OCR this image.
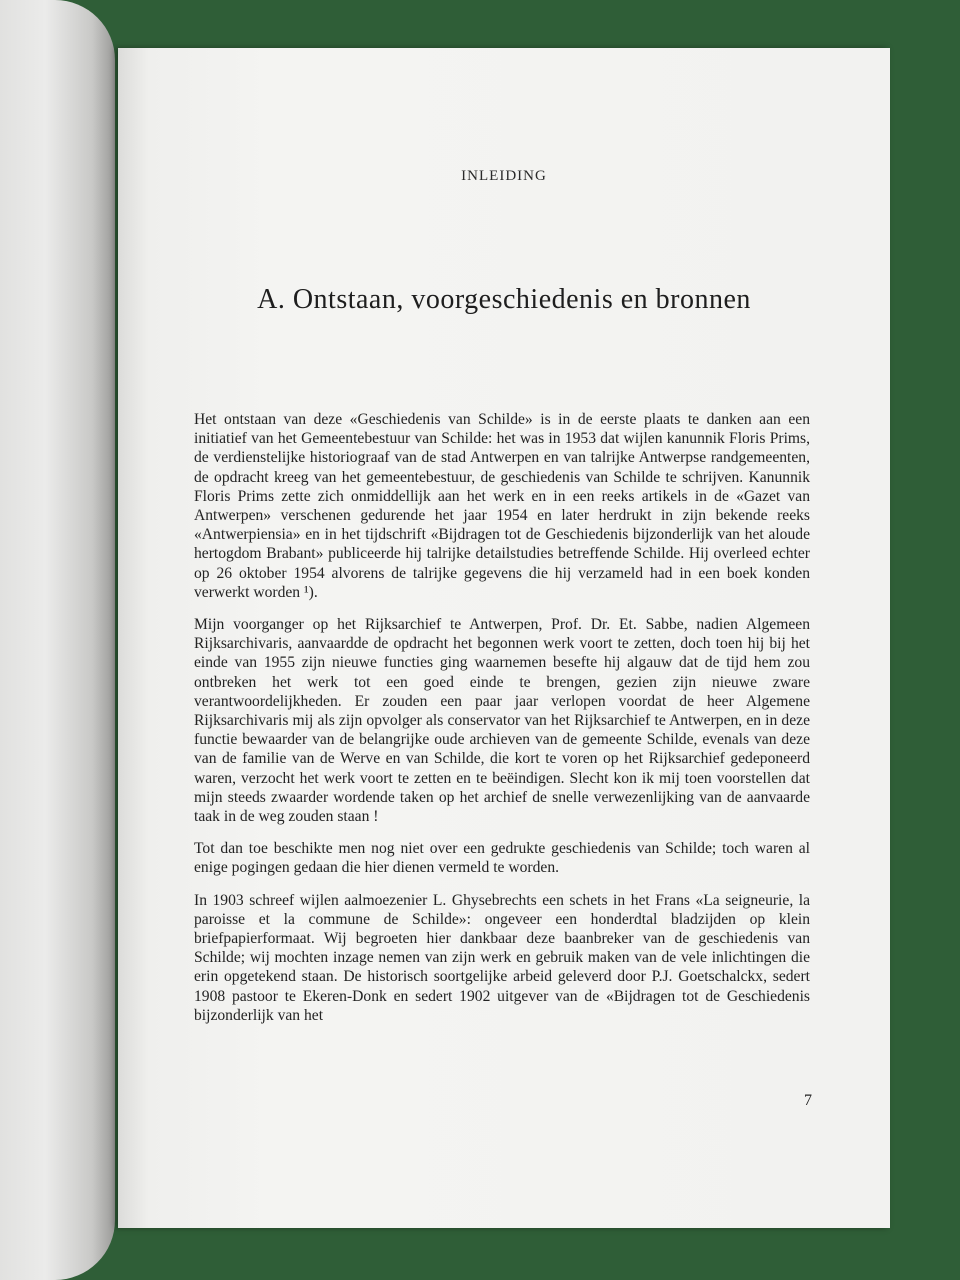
INLEIDING
A. Ontstaan, voorgeschiedenis en bronnen

Het ontstaan van deze «Geschiedenis van Schilde» is in de eerste plaats te danken aan een initiatief van het Gemeentebestuur van Schilde: het was in 1953 dat wijlen kanunnik Floris Prims, de verdienstelijke historiograaf van de stad Antwerpen en van talrijke Antwerpse randgemeenten, de opdracht kreeg van het gemeentebestuur, de geschiedenis van Schilde te schrijven. Kanunnik Floris Prims zette zich onmiddellijk aan het werk en in een reeks artikels in de «Gazet van Antwerpen» verschenen gedurende het jaar 1954 en later herdrukt in zijn bekende reeks «Antwerpiensia» en in het tijdschrift «Bijdragen tot de Geschiedenis bijzonderlijk van het aloude hertogdom Brabant» publiceerde hij talrijke detailstudies betreffende Schilde. Hij overleed echter op 26 oktober 1954 alvorens de talrijke gegevens die hij verzameld had in een boek konden verwerkt worden ¹).

Mijn voorganger op het Rijksarchief te Antwerpen, Prof. Dr. Et. Sabbe, nadien Algemeen Rijksarchivaris, aanvaardde de opdracht het begonnen werk voort te zetten, doch toen hij bij het einde van 1955 zijn nieuwe functies ging waarnemen besefte hij algauw dat de tijd hem zou ontbreken het werk tot een goed einde te brengen, gezien zijn nieuwe zware verantwoordelijkheden. Er zouden een paar jaar verlopen voordat de heer Algemene Rijksarchivaris mij als zijn opvolger als conservator van het Rijksarchief te Antwerpen, en in deze functie bewaarder van de belangrijke oude archieven van de gemeente Schilde, evenals van deze van de familie van de Werve en van Schilde, die kort te voren op het Rijksarchief gedeponeerd waren, verzocht het werk voort te zetten en te beëindigen. Slecht kon ik mij toen voorstellen dat mijn steeds zwaarder wordende taken op het archief de snelle verwezenlijking van de aanvaarde taak in de weg zouden staan !

Tot dan toe beschikte men nog niet over een gedrukte geschiedenis van Schilde; toch waren al enige pogingen gedaan die hier dienen vermeld te worden.

In 1903 schreef wijlen aalmoezenier L. Ghysebrechts een schets in het Frans «La seigneurie, la paroisse et la commune de Schilde»: ongeveer een honderdtal bladzijden op klein briefpapierformaat. Wij begroeten hier dankbaar deze baanbreker van de geschiedenis van Schilde; wij mochten inzage nemen van zijn werk en gebruik maken van de vele inlichtingen die erin opgetekend staan. De historisch soortgelijke arbeid geleverd door P.J. Goetschalckx, sedert 1908 pastoor te Ekeren-Donk en sedert 1902 uitgever van de «Bijdragen tot de Geschiedenis bijzonderlijk van het

7
